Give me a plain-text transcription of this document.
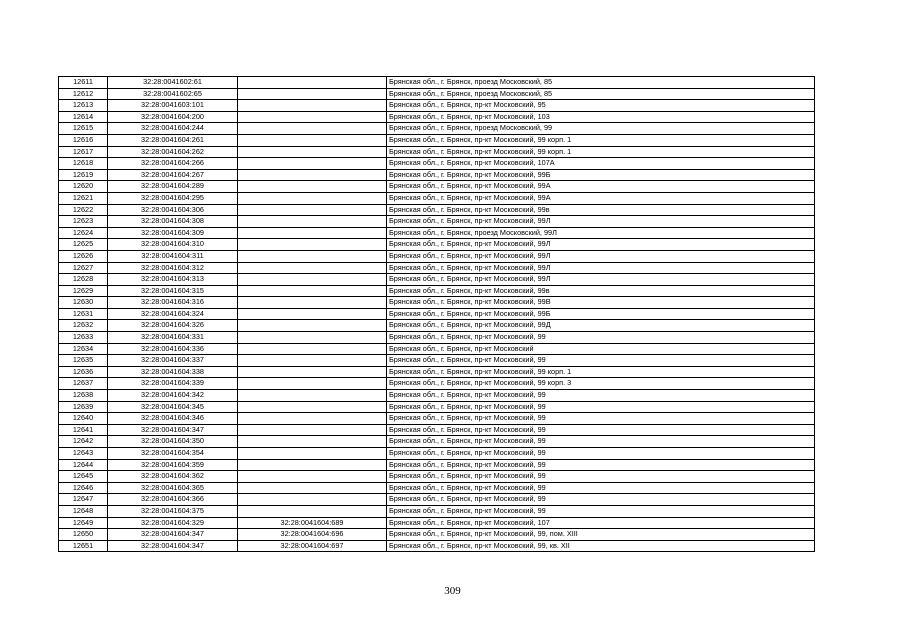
12611	32:28:0041602:61		Брянская обл., г. Брянск, проезд Московский, 85
12612	32:28:0041602:65		Брянская обл., г. Брянск, проезд Московский, 85
12613	32:28:0041603:101		Брянская обл., г. Брянск, пр-кт Московский, 95
12614	32:28:0041604:200		Брянская обл., г. Брянск, пр-кт Московский, 103
12615	32:28:0041604:244		Брянская обл., г. Брянск, проезд Московский, 99
12616	32:28:0041604:261		Брянская обл., г. Брянск, пр-кт Московский, 99 корп. 1
12617	32:28:0041604:262		Брянская обл., г. Брянск, пр-кт Московский, 99 корп. 1
12618	32:28:0041604:266		Брянская обл., г. Брянск, пр-кт Московский, 107А
12619	32:28:0041604:267		Брянская обл., г. Брянск, пр-кт Московский, 99Б
12620	32:28:0041604:289		Брянская обл., г. Брянск, пр-кт Московский, 99А
12621	32:28:0041604:295		Брянская обл., г. Брянск, пр-кт Московский, 99А
12622	32:28:0041604:306		Брянская обл., г. Брянск, пр-кт Московский, 99в
12623	32:28:0041604:308		Брянская обл., г. Брянск, пр-кт Московский, 99Л
12624	32:28:0041604:309		Брянская обл., г. Брянск, проезд Московский, 99Л
12625	32:28:0041604:310		Брянская обл., г. Брянск, пр-кт Московский, 99Л
12626	32:28:0041604:311		Брянская обл., г. Брянск, пр-кт Московский, 99Л
12627	32:28:0041604:312		Брянская обл., г. Брянск, пр-кт Московский, 99Л
12628	32:28:0041604:313		Брянская обл., г. Брянск, пр-кт Московский, 99Л
12629	32:28:0041604:315		Брянская обл., г. Брянск, пр-кт Московский, 99в
12630	32:28:0041604:316		Брянская обл., г. Брянск, пр-кт Московский, 99В
12631	32:28:0041604:324		Брянская обл., г. Брянск, пр-кт Московский, 99Б
12632	32:28:0041604:326		Брянская обл., г. Брянск, пр-кт Московский, 99Д
12633	32:28:0041604:331		Брянская обл., г. Брянск, пр-кт Московский, 99
12634	32:28:0041604:336		Брянская обл., г. Брянск, пр-кт Московский
12635	32:28:0041604:337		Брянская обл., г. Брянск, пр-кт Московский, 99
12636	32:28:0041604:338		Брянская обл., г. Брянск, пр-кт Московский, 99 корп. 1
12637	32:28:0041604:339		Брянская обл., г. Брянск, пр-кт Московский, 99 корп. 3
12638	32:28:0041604:342		Брянская обл., г. Брянск, пр-кт Московский, 99
12639	32:28:0041604:345		Брянская обл., г. Брянск, пр-кт Московский, 99
12640	32:28:0041604:346		Брянская обл., г. Брянск, пр-кт Московский, 99
12641	32:28:0041604:347		Брянская обл., г. Брянск, пр-кт Московский, 99
12642	32:28:0041604:350		Брянская обл., г. Брянск, пр-кт Московский, 99
12643	32:28:0041604:354		Брянская обл., г. Брянск, пр-кт Московский, 99
12644	32:28:0041604:359		Брянская обл., г. Брянск, пр-кт Московский, 99
12645	32:28:0041604:362		Брянская обл., г. Брянск, пр-кт Московский, 99
12646	32:28:0041604:365		Брянская обл., г. Брянск, пр-кт Московский, 99
12647	32:28:0041604:366		Брянская обл., г. Брянск, пр-кт Московский, 99
12648	32:28:0041604:375		Брянская обл., г. Брянск, пр-кт Московский, 99
12649	32:28:0041604:329	32:28:0041604:689	Брянская обл., г. Брянск, пр-кт Московский, 107
12650	32:28:0041604:347	32:28:0041604:696	Брянская обл., г. Брянск, пр-кт Московский, 99, пом. XIII
12651	32:28:0041604:347	32:28:0041604:697	Брянская обл., г. Брянск, пр-кт Московский, 99, кв. XII
309
